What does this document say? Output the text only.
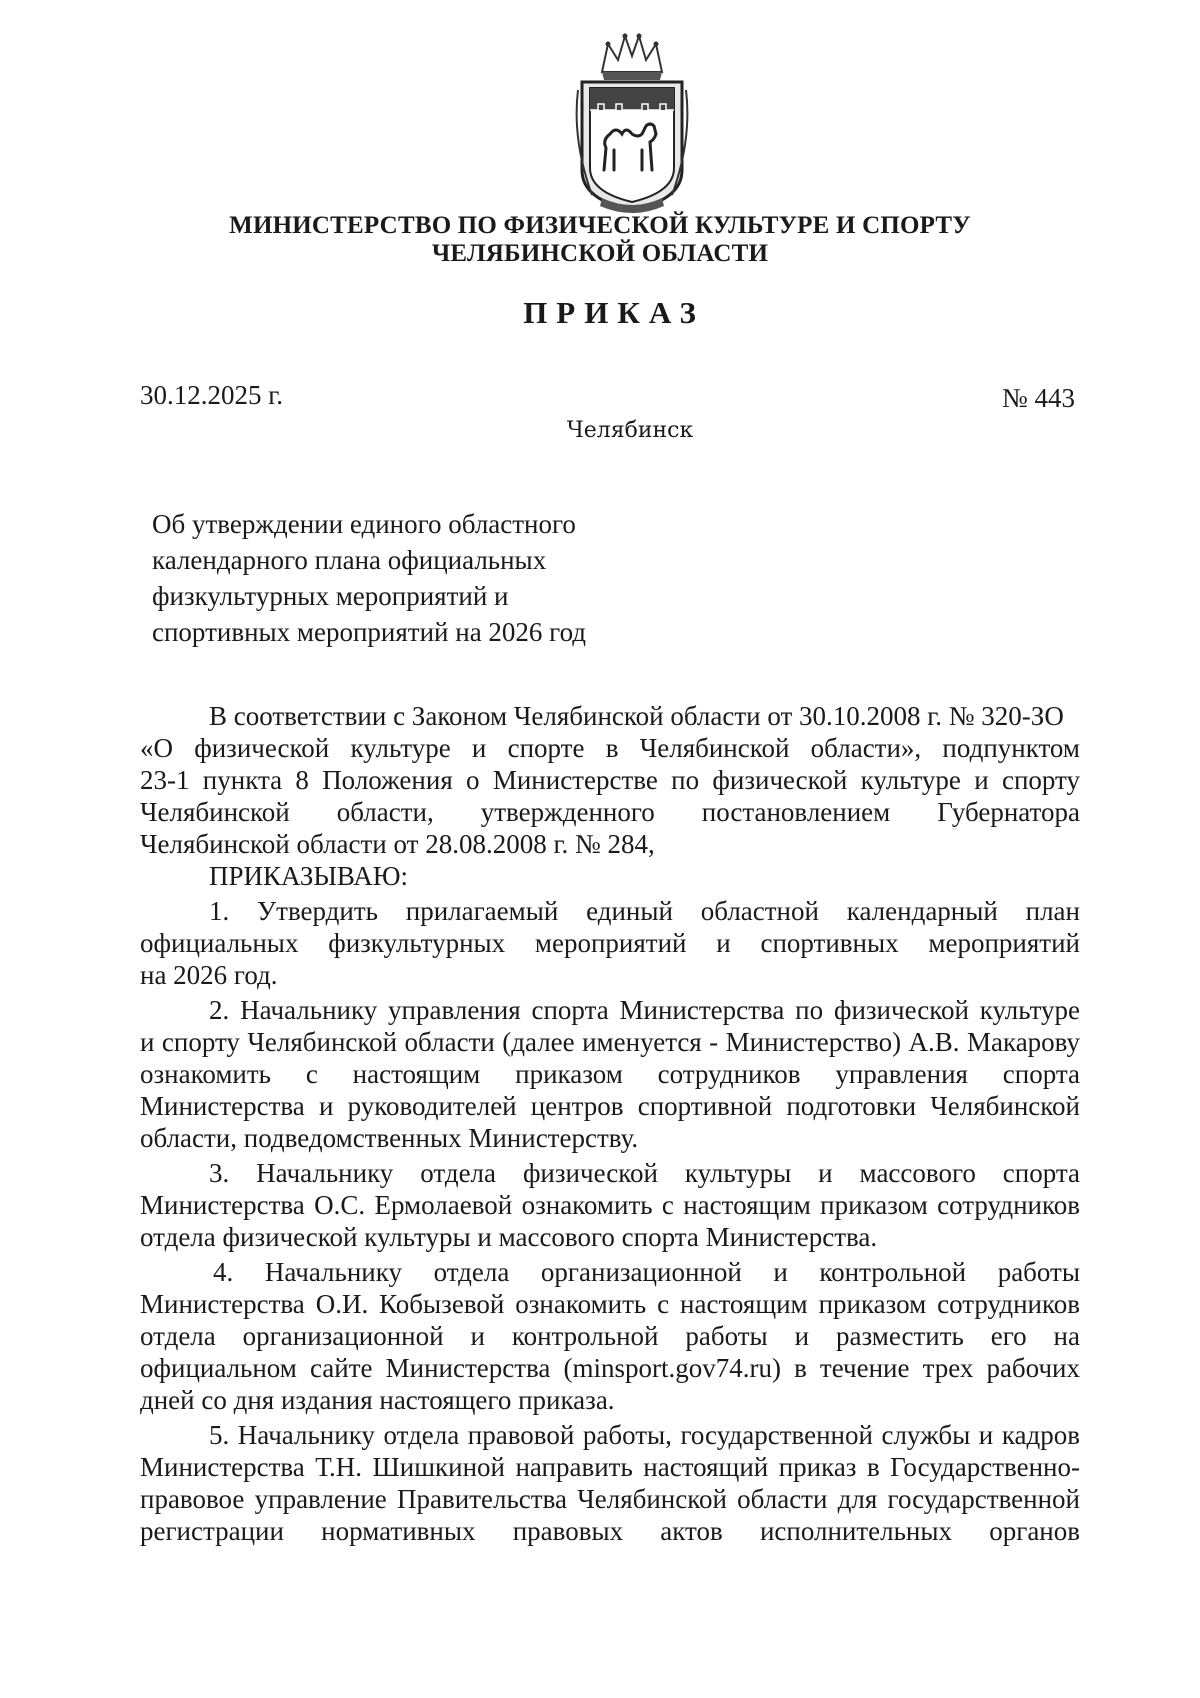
МИНИСТЕРСТВО ПО ФИЗИЧЕСКОЙ КУЛЬТУРЕ И СПОРТУ
ЧЕЛЯБИНСКОЙ ОБЛАСТИ
ПРИКАЗ
30.12.2025 г.	№ 443
Челябинск
Об утверждении единого областного
календарного плана официальных
физкультурных мероприятий и
спортивных мероприятий на 2026 год
В соответствии с Законом Челябинской области от 30.10.2008 г. № 320-ЗО
«О физической культуре и спорте в Челябинской области», подпунктом
23-1 пункта 8 Положения о Министерстве по физической культуре и спорту
Челябинской области, утвержденного постановлением Губернатора
Челябинской области от 28.08.2008 г. № 284,
ПРИКАЗЫВАЮ:
1. Утвердить прилагаемый единый областной календарный план
официальных физкультурных мероприятий и спортивных мероприятий
на 2026 год.
2. Начальнику управления спорта Министерства по физической культуре
и спорту Челябинской области (далее именуется - Министерство) А.В. Макарову
ознакомить с настоящим приказом сотрудников управления спорта
Министерства и руководителей центров спортивной подготовки Челябинской
области, подведомственных Министерству.
3. Начальнику отдела физической культуры и массового спорта
Министерства О.С. Ермолаевой ознакомить с настоящим приказом сотрудников
отдела физической культуры и массового спорта Министерства.
4. Начальнику отдела организационной и контрольной работы
Министерства О.И. Кобызевой ознакомить с настоящим приказом сотрудников
отдела организационной и контрольной работы и разместить его на
официальном сайте Министерства (minsport.gov74.ru) в течение трех рабочих
дней со дня издания настоящего приказа.
5. Начальнику отдела правовой работы, государственной службы и кадров
Министерства Т.Н. Шишкиной направить настоящий приказ в Государственно-
правовое управление Правительства Челябинской области для государственной
регистрации нормативных правовых актов исполнительных органов
